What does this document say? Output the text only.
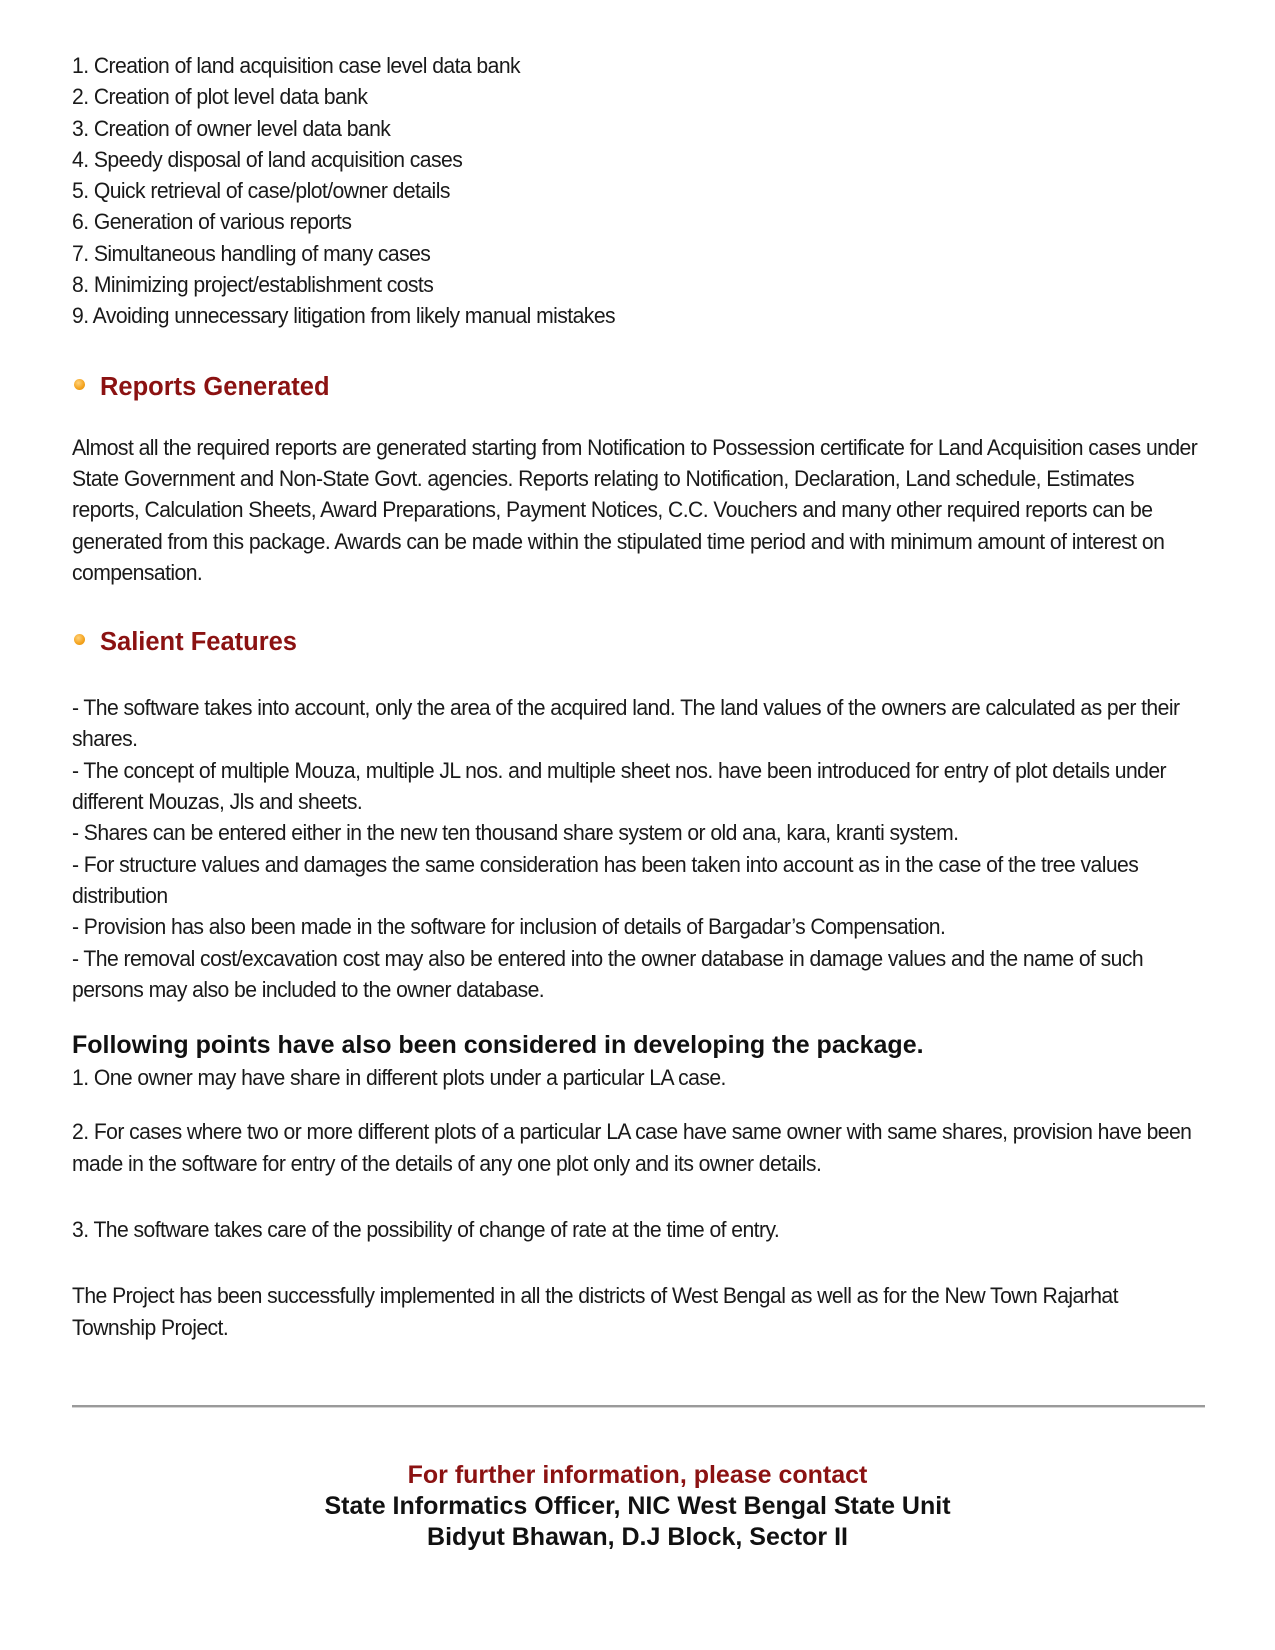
1. Creation of land acquisition case level data bank
2. Creation of plot level data bank
3. Creation of owner level data bank
4. Speedy disposal of land acquisition cases
5. Quick retrieval of case/plot/owner details
6. Generation of various reports
7. Simultaneous handling of many cases
8. Minimizing project/establishment costs
9. Avoiding unnecessary litigation from likely manual mistakes
Reports Generated

Almost all the required reports are generated starting from Notification to Possession certificate for Land Acquisition cases under State Government and Non-State Govt. agencies. Reports relating to Notification, Declaration, Land schedule, Estimates reports, Calculation Sheets, Award Preparations, Payment Notices, C.C. Vouchers and many other required reports can be generated from this package. Awards can be made within the stipulated time period and with minimum amount of interest on compensation.

Salient Features
- The software takes into account, only the area of the acquired land. The land values of the owners are calculated as per their shares.
- The concept of multiple Mouza, multiple JL nos. and multiple sheet nos. have been introduced for entry of plot details under different Mouzas, Jls and sheets.
- Shares can be entered either in the new ten thousand share system or old ana, kara, kranti system.
- For structure values and damages the same consideration has been taken into account as in the case of the tree values distribution
- Provision has also been made in the software for inclusion of details of Bargadar’s Compensation.
- The removal cost/excavation cost may also be entered into the owner database in damage values and the name of such persons may also be included to the owner database.
Following points have also been considered in developing the package.
1. One owner may have share in different plots under a particular LA case.
2. For cases where two or more different plots of a particular LA case have same owner with same shares, provision have been made in the software for entry of the details of any one plot only and its owner details.
3. The software takes care of the possibility of change of rate at the time of entry.
The Project has been successfully implemented in all the districts of West Bengal as well as for the New Town Rajarhat Township Project.
For further information, please contact
State Informatics Officer, NIC West Bengal State Unit
Bidyut Bhawan, D.J Block, Sector II
